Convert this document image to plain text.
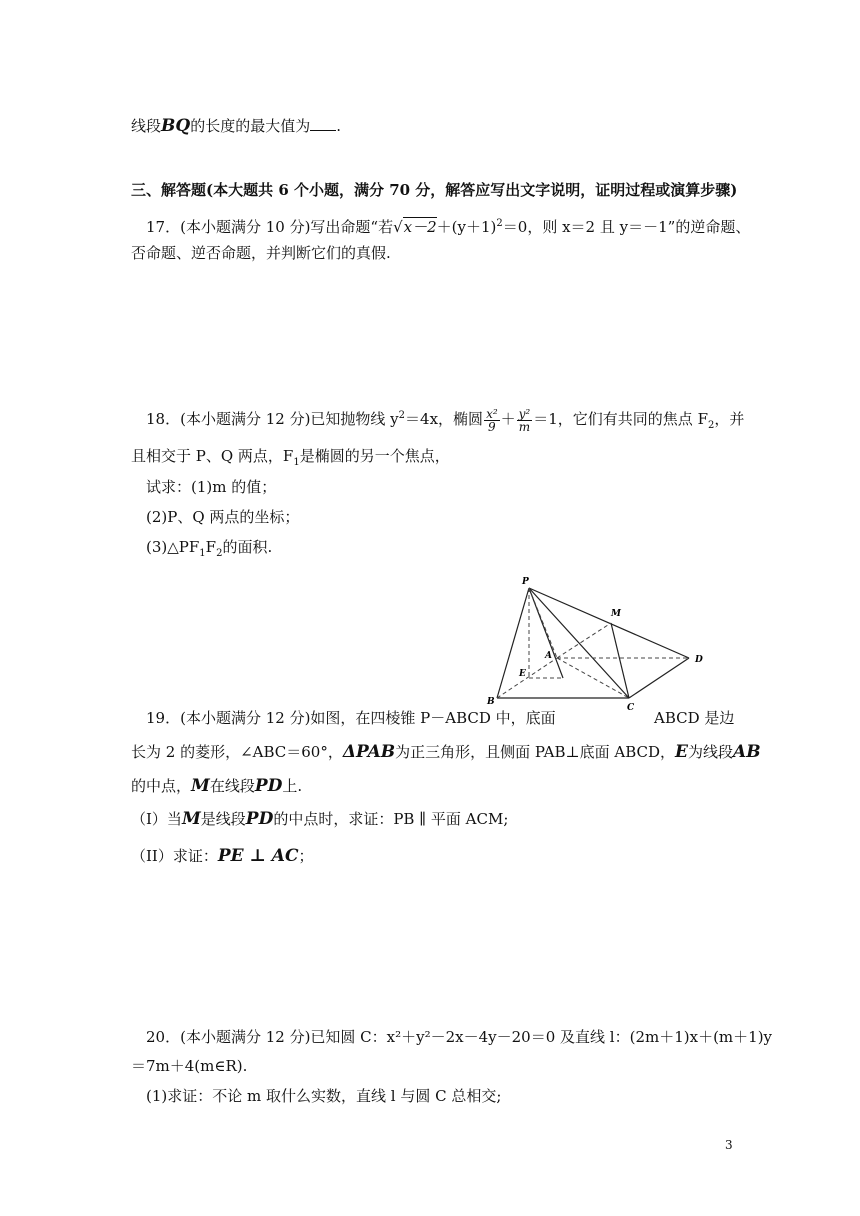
线段BQ的长度的最大值为 .
三、解答题(本大题共 6 个小题，满分 70 分，解答应写出文字说明，证明过程或演算步骤)
17．(本小题满分 10 分)写出命题“若$√x-2+(y+1)^2=0$，则 x＝2 且 y＝－1”的逆命题、
否命题、逆否命题，并判断它们的真假.
18．(本小题满分 12 分)已知抛物线 $y^2=4x$，椭圆 $\frac{\text{x²}}{9} + \frac{\text{y²}}{m} =1$，它们有共同的焦点 $F_2$，并
且相交于 P、Q 两点，$F_1$是椭圆的另一个焦点，
试求：(1)m 的值；
(2)P、Q 两点的坐标；
$(3)\triangle PF_1F_2$的面积.
P
M
A	D
E
B
C
19．(本小题满分 12 分)如图，在四棱锥 P－ABCD 中，底面	ABCD 是边
长为 2 的菱形，∠ABC＝60°，ΔPAB为正三角形，且侧面 PAB⊥底面 ABCD，E为线段AB
的中点，M在线段PD上.
（I）当M是线段PD的中点时，求证：PB ∥ 平面 ACM;
（II）求证：PE ⊥ AC；
20．(本小题满分 12 分)已知圆 C：x²＋y²－2x－4y－20＝0 及直线 l：(2m＋1)x＋(m＋1)y
＝7m＋4(m∈R).
(1)求证：不论 m 取什么实数，直线 l 与圆 C 总相交;
3
